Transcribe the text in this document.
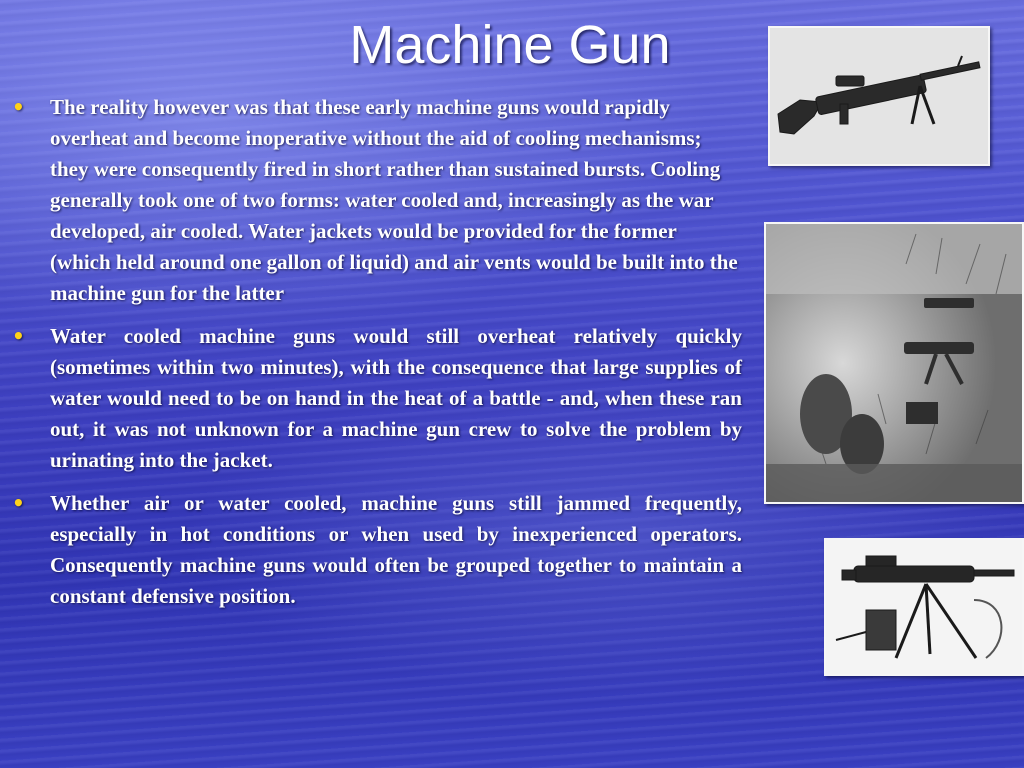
Machine Gun
• The reality however was that these early machine guns would rapidly overheat and become inoperative without the aid of cooling mechanisms; they were consequently fired in short rather than sustained bursts. Cooling generally took one of two forms: water cooled and, increasingly as the war developed, air cooled. Water jackets would be provided for the former (which held around one gallon of liquid) and air vents would be built into the machine gun for the latter
• Water cooled machine guns would still overheat relatively quickly (sometimes within two minutes), with the consequence that large supplies of water would need to be on hand in the heat of a battle - and, when these ran out, it was not unknown for a machine gun crew to solve the problem by urinating into the jacket.
• Whether air or water cooled, machine guns still jammed frequently, especially in hot conditions or when used by inexperienced operators. Consequently machine guns would often be grouped together to maintain a constant defensive position.
